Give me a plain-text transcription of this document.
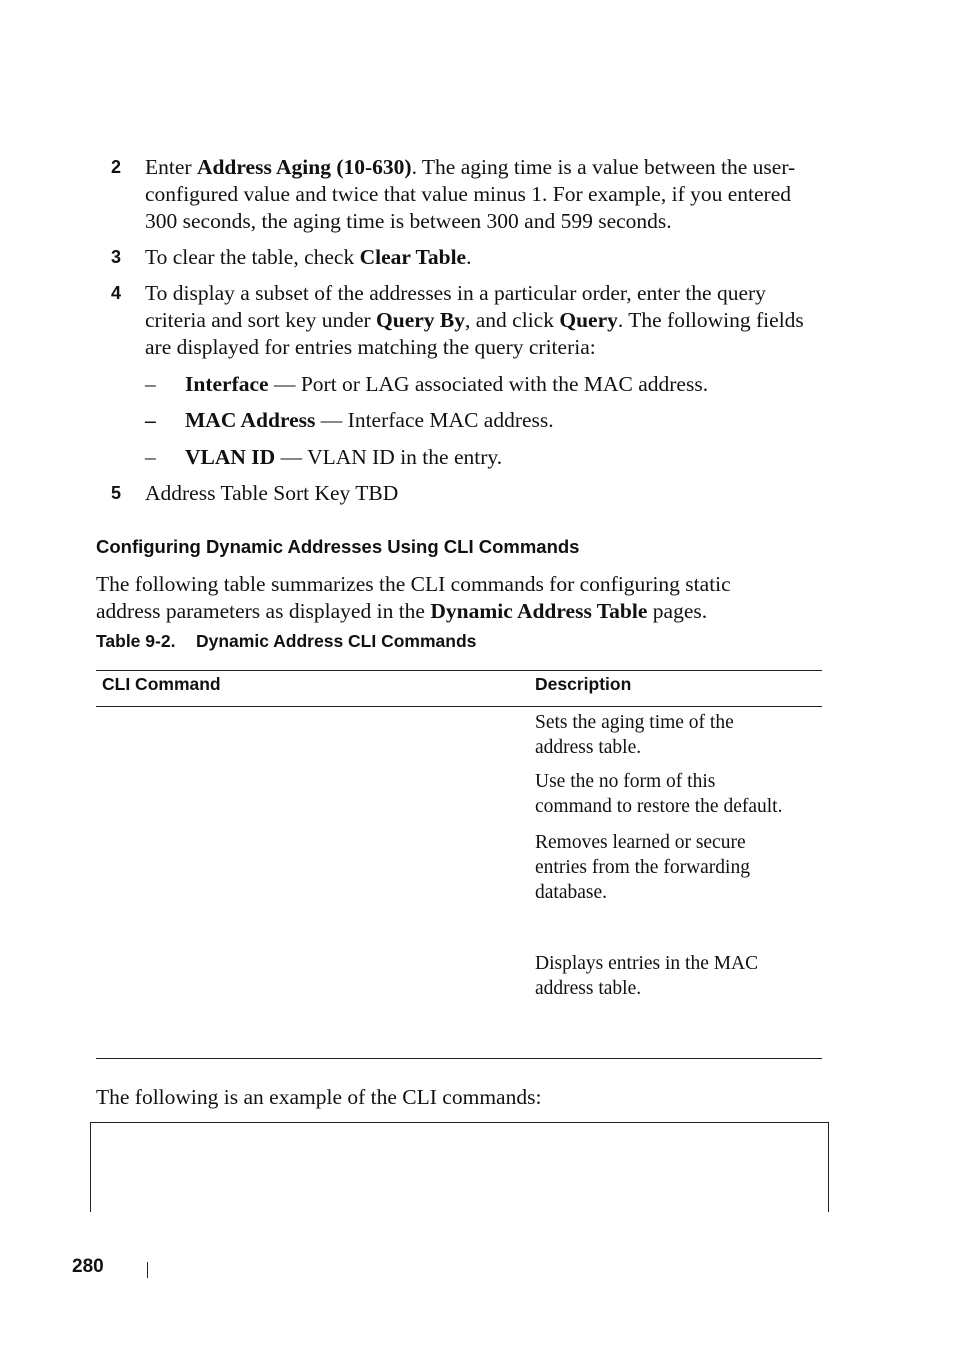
2 Enter Address Aging (10-630). The aging time is a value between the user-
configured value and twice that value minus 1. For example, if you entered
300 seconds, the aging time is between 300 and 599 seconds.
3 To clear the table, check Clear Table.
4 To display a subset of the addresses in a particular order, enter the query
criteria and sort key under Query By, and click Query. The following fields
are displayed for entries matching the query criteria:
– Interface — Port or LAG associated with the MAC address.
– MAC Address — Interface MAC address.
– VLAN ID — VLAN ID in the entry.
5 Address Table Sort Key TBD
Configuring Dynamic Addresses Using CLI Commands
The following table summarizes the CLI commands for configuring static
address parameters as displayed in the Dynamic Address Table pages.
Table 9-2. Dynamic Address CLI Commands
CLI Command	Description
Sets the aging time of the
address table.
Use the no form of this
command to restore the default.
Removes learned or secure
entries from the forwarding
database.
Displays entries in the MAC
address table.
The following is an example of the CLI commands:
280
